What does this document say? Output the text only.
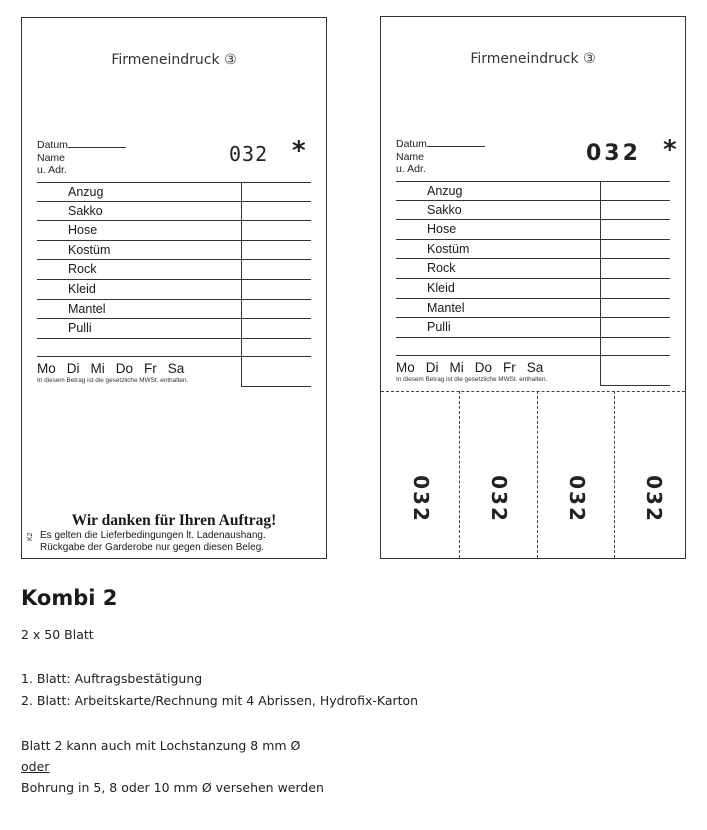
Firmeneindruck ③
Datum
Name
u. Adr.
032 *
Anzug
Sakko
Hose
Kostüm
Rock
Kleid
Mantel
Pulli
Mo Di Mi Do Fr Sa
In diesem Betrag ist die gesetzliche MWSt. enthalten.
Wir danken für Ihren Auftrag!
Es gelten die Lieferbedingungen lt. Ladenaushang.
Rückgabe der Garderobe nur gegen diesen Beleg.
K2
Firmeneindruck ③
Datum
Name
u. Adr.
032 *
Anzug
Sakko
Hose
Kostüm
Rock
Kleid
Mantel
Pulli
Mo Di Mi Do Fr Sa
In diesem Betrag ist die gesetzliche MWSt. enthalten.
032	032	032	032
Kombi 2
2 x 50 Blatt
1. Blatt: Auftragsbestätigung
2. Blatt: Arbeitskarte/Rechnung mit 4 Abrissen, Hydrofix-Karton
Blatt 2 kann auch mit Lochstanzung 8 mm Ø
oder
Bohrung in 5, 8 oder 10 mm Ø versehen werden
